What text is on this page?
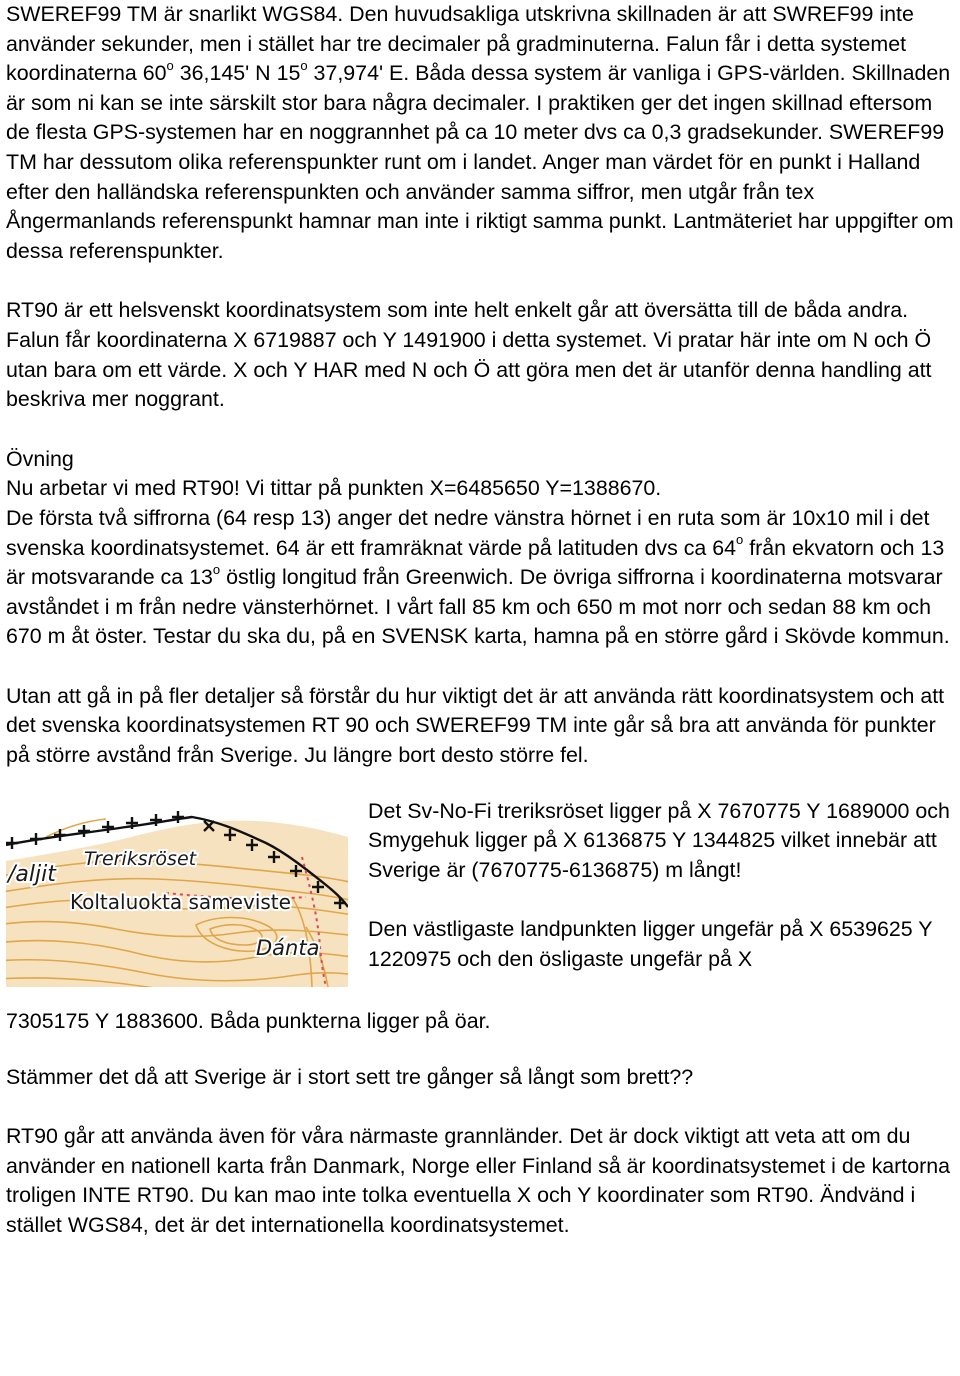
SWEREF99 TM är snarlikt WGS84. Den huvudsakliga utskrivna skillnaden är att SWREF99 inte använder sekunder, men i stället har tre decimaler på gradminuterna. Falun får i detta systemet koordinaterna 60$^o$ 36,145' N 15$^o$ 37,974' E. Båda dessa system är vanliga i GPS-världen. Skillnaden är som ni kan se inte särskilt stor bara några decimaler. I praktiken ger det ingen skillnad eftersom de flesta GPS-systemen har en noggrannhet på ca 10 meter dvs ca 0,3 gradsekunder. SWEREF99 TM har dessutom olika referenspunkter runt om i landet. Anger man värdet för en punkt i Halland efter den halländska referenspunkten och använder samma siffror, men utgår från tex Ångermanlands referenspunkt hamnar man inte i riktigt samma punkt. Lantmäteriet har uppgifter om dessa referenspunkter.

RT90 är ett helsvenskt koordinatsystem som inte helt enkelt går att översätta till de båda andra. Falun får koordinaterna X 6719887 och Y 1491900 i detta systemet. Vi pratar här inte om N och Ö utan bara om ett värde. X och Y HAR med N och Ö att göra men det är utanför denna handling att beskriva mer noggrant.

Övning

Nu arbetar vi med RT90! Vi tittar på punkten X=6485650 Y=1388670.

De första två siffrorna (64 resp 13) anger det nedre vänstra hörnet i en ruta som är 10x10 mil i det svenska koordinatsystemet. 64 är ett framräknat värde på latituden dvs ca 64$^o$ från ekvatorn och 13 är motsvarande ca 13$^o$ östlig longitud från Greenwich. De övriga siffrorna i koordinaterna motsvarar avståndet i m från nedre vänsterhörnet. I vårt fall 85 km och 650 m mot norr och sedan 88 km och 670 m åt öster. Testar du ska du, på en SVENSK karta, hamna på en större gård i Skövde kommun.

Utan att gå in på fler detaljer så förstår du hur viktigt det är att använda rätt koordinatsystem och att det svenska koordinatsystemen RT 90 och SWEREF99 TM inte går så bra att använda för punkter på större avstånd från Sverige. Ju längre bort desto större fel.

/aljit
Treriksröset
Koltaluokta sameviste
Dánta

Det Sv-No-Fi treriksröset ligger på X 7670775 Y 1689000 och Smygehuk ligger på X 6136875 Y 1344825 vilket innebär att Sverige är (7670775-6136875) m långt!

Den västligaste landpunkten ligger ungefär på X 6539625 Y 1220975 och den ösligaste ungefär på X

7305175 Y 1883600. Båda punkterna ligger på öar.

Stämmer det då att Sverige är i stort sett tre gånger så långt som brett??

RT90 går att använda även för våra närmaste grannländer. Det är dock viktigt att veta att om du använder en nationell karta från Danmark, Norge eller Finland så är koordinatsystemet i de kartorna troligen INTE RT90. Du kan mao inte tolka eventuella X och Y koordinater som RT90. Ändvänd i stället WGS84, det är det internationella koordinatsystemet.
